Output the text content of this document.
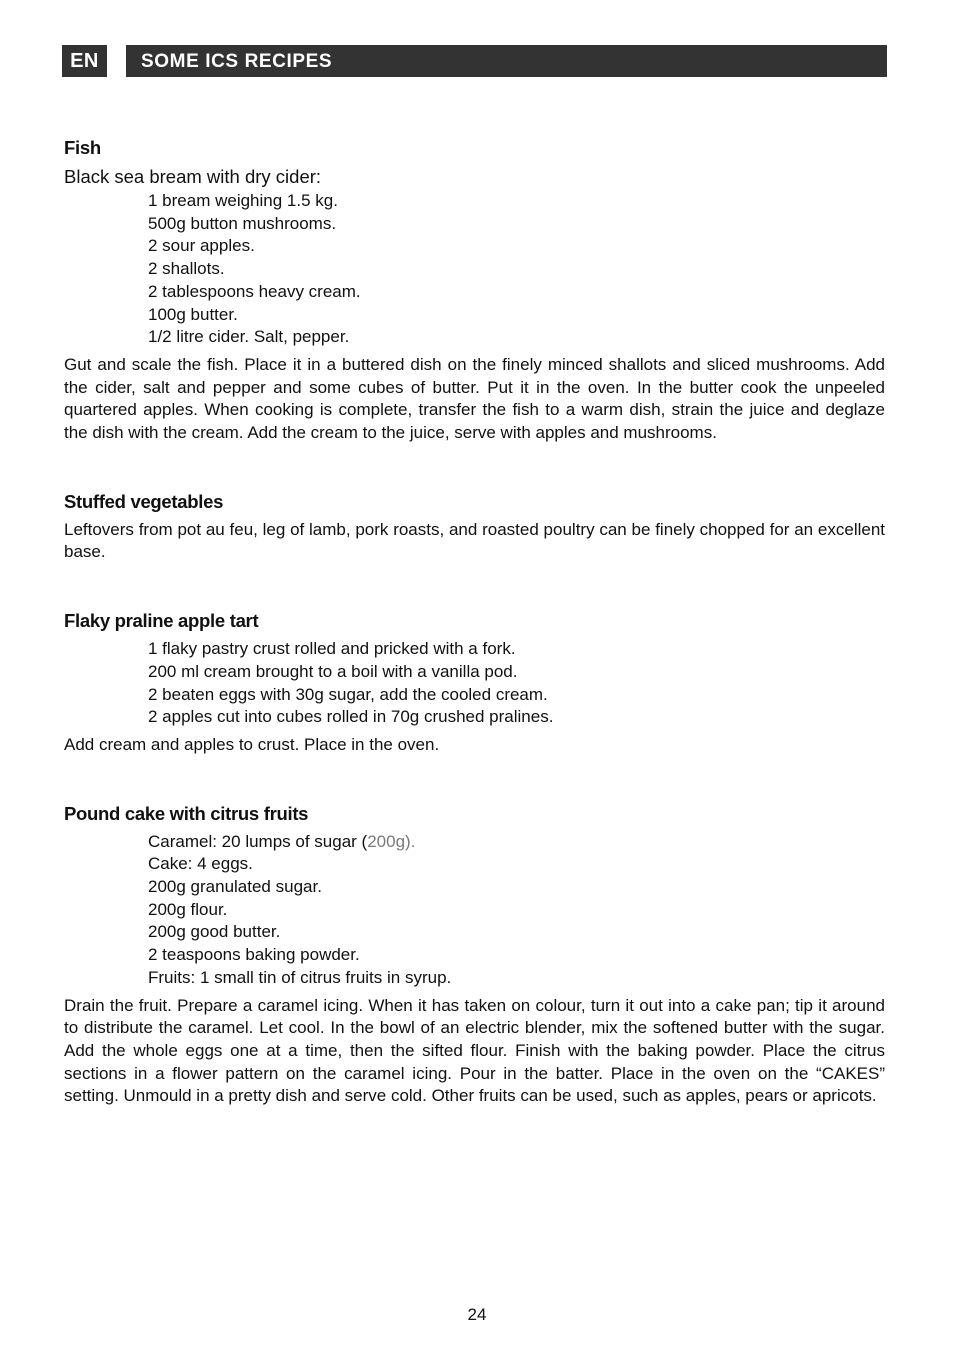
EN	SOME ICS RECIPES
Fish

Black sea bream with dry cider:

1 bream weighing 1.5 kg.
500g button mushrooms.
2 sour apples.
2 shallots.
2 tablespoons heavy cream.
100g butter.
1/2 litre cider. Salt, pepper.

Gut and scale the fish. Place it in a buttered dish on the finely minced shallots and sliced mushrooms. Add the cider, salt and pepper and some cubes of butter. Put it in the oven. In the butter cook the unpeeled quartered apples. When cooking is complete, transfer the fish to a warm dish, strain the juice and deglaze the dish with the cream. Add the cream to the juice, serve with apples and mushrooms.

Stuffed vegetables

Leftovers from pot au feu, leg of lamb, pork roasts, and roasted poultry can be finely chopped for an excellent base.

Flaky praline apple tart
1 flaky pastry crust rolled and pricked with a fork.
200 ml cream brought to a boil with a vanilla pod.
2 beaten eggs with 30g sugar, add the cooled cream.
2 apples cut into cubes rolled in 70g crushed pralines.

Add cream and apples to crust. Place in the oven.

Pound cake with citrus fruits
Caramel: 20 lumps of sugar (200g).
Cake: 4 eggs.
200g granulated sugar.
200g flour.
200g good butter.
2 teaspoons baking powder.
Fruits: 1 small tin of citrus fruits in syrup.

Drain the fruit. Prepare a caramel icing. When it has taken on colour, turn it out into a cake pan; tip it around to distribute the caramel. Let cool. In the bowl of an electric blender, mix the softened butter with the sugar. Add the whole eggs one at a time, then the sifted flour. Finish with the baking powder. Place the citrus sections in a flower pattern on the caramel icing. Pour in the batter. Place in the oven on the “CAKES” setting. Unmould in a pretty dish and serve cold. Other fruits can be used, such as apples, pears or apricots.

24
